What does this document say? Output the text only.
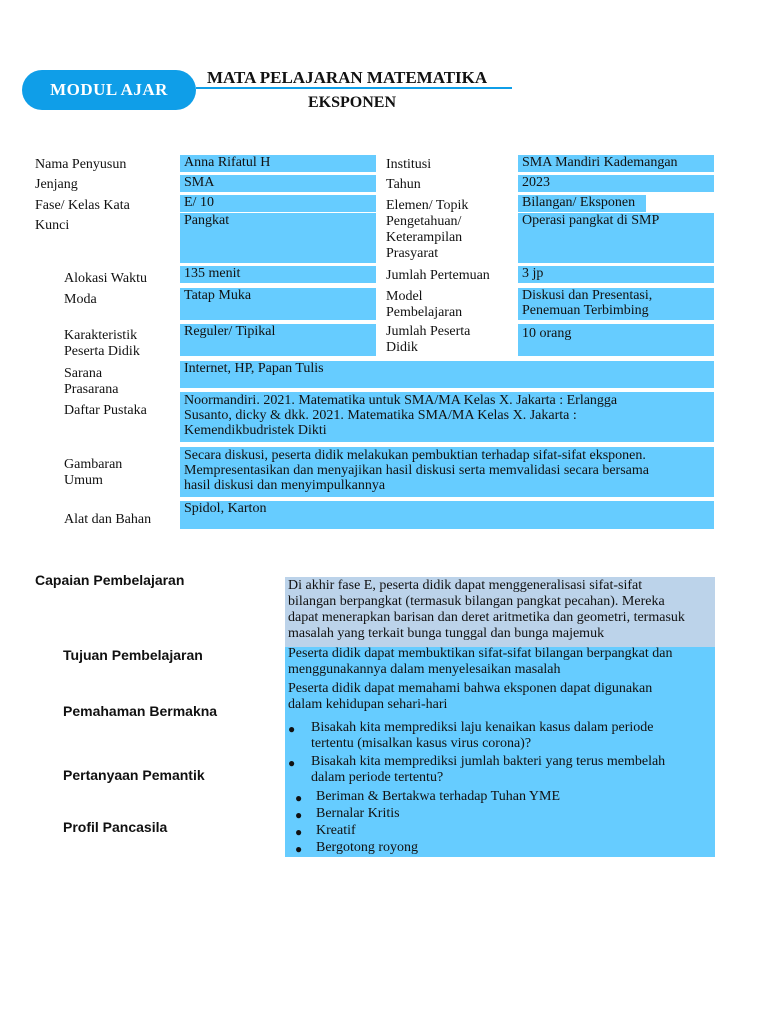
MODUL AJAR
MATA PELAJARAN MATEMATIKA
EKSPONEN
Nama Penyusun
Jenjang
Fase/ Kelas Kata
Kunci
Alokasi Waktu
Moda
Karakteristik
Peserta Didik
Sarana
Prasarana
Daftar Pustaka
Gambaran
Umum
Alat dan Bahan
Anna Rifatul H
SMA
E/ 10
Pangkat
135 menit
Tatap Muka
Reguler/ Tipikal
Institusi
Tahun
Elemen/ Topik
Pengetahuan/
Keterampilan
Prasyarat
Jumlah Pertemuan
Model
Pembelajaran
Jumlah Peserta
Didik
SMA Mandiri Kademangan
2023
Bilangan/ Eksponen
Operasi pangkat di SMP
3 jp
Diskusi dan Presentasi,
Penemuan Terbimbing
10 orang
Internet, HP, Papan Tulis
Noormandiri. 2021. Matematika untuk SMA/MA Kelas X. Jakarta : Erlangga
Susanto, dicky & dkk. 2021. Matematika SMA/MA Kelas X. Jakarta :
Kemendikbudristek Dikti
Secara diskusi, peserta didik melakukan pembuktian terhadap sifat-sifat eksponen.
Mempresentasikan dan menyajikan hasil diskusi serta memvalidasi secara bersama
hasil diskusi dan menyimpulkannya
Spidol, Karton
Capaian Pembelajaran
Tujuan Pembelajaran
Pemahaman Bermakna
Pertanyaan Pemantik
Profil Pancasila
Di akhir fase E, peserta didik dapat menggeneralisasi sifat-sifat
bilangan berpangkat (termasuk bilangan pangkat pecahan). Mereka
dapat menerapkan barisan dan deret aritmetika dan geometri, termasuk
masalah yang terkait bunga tunggal dan bunga majemuk
Peserta didik dapat membuktikan sifat-sifat bilangan berpangkat dan
menggunakannya dalam menyelesaikan masalah
Peserta didik dapat memahami bahwa eksponen dapat digunakan
dalam kehidupan sehari-hari
● Bisakah kita memprediksi laju kenaikan kasus dalam periode
tertentu (misalkan kasus virus corona)?
● Bisakah kita memprediksi jumlah bakteri yang terus membelah
dalam periode tertentu?
● Beriman & Bertakwa terhadap Tuhan YME
● Bernalar Kritis
● Kreatif
● Bergotong royong
